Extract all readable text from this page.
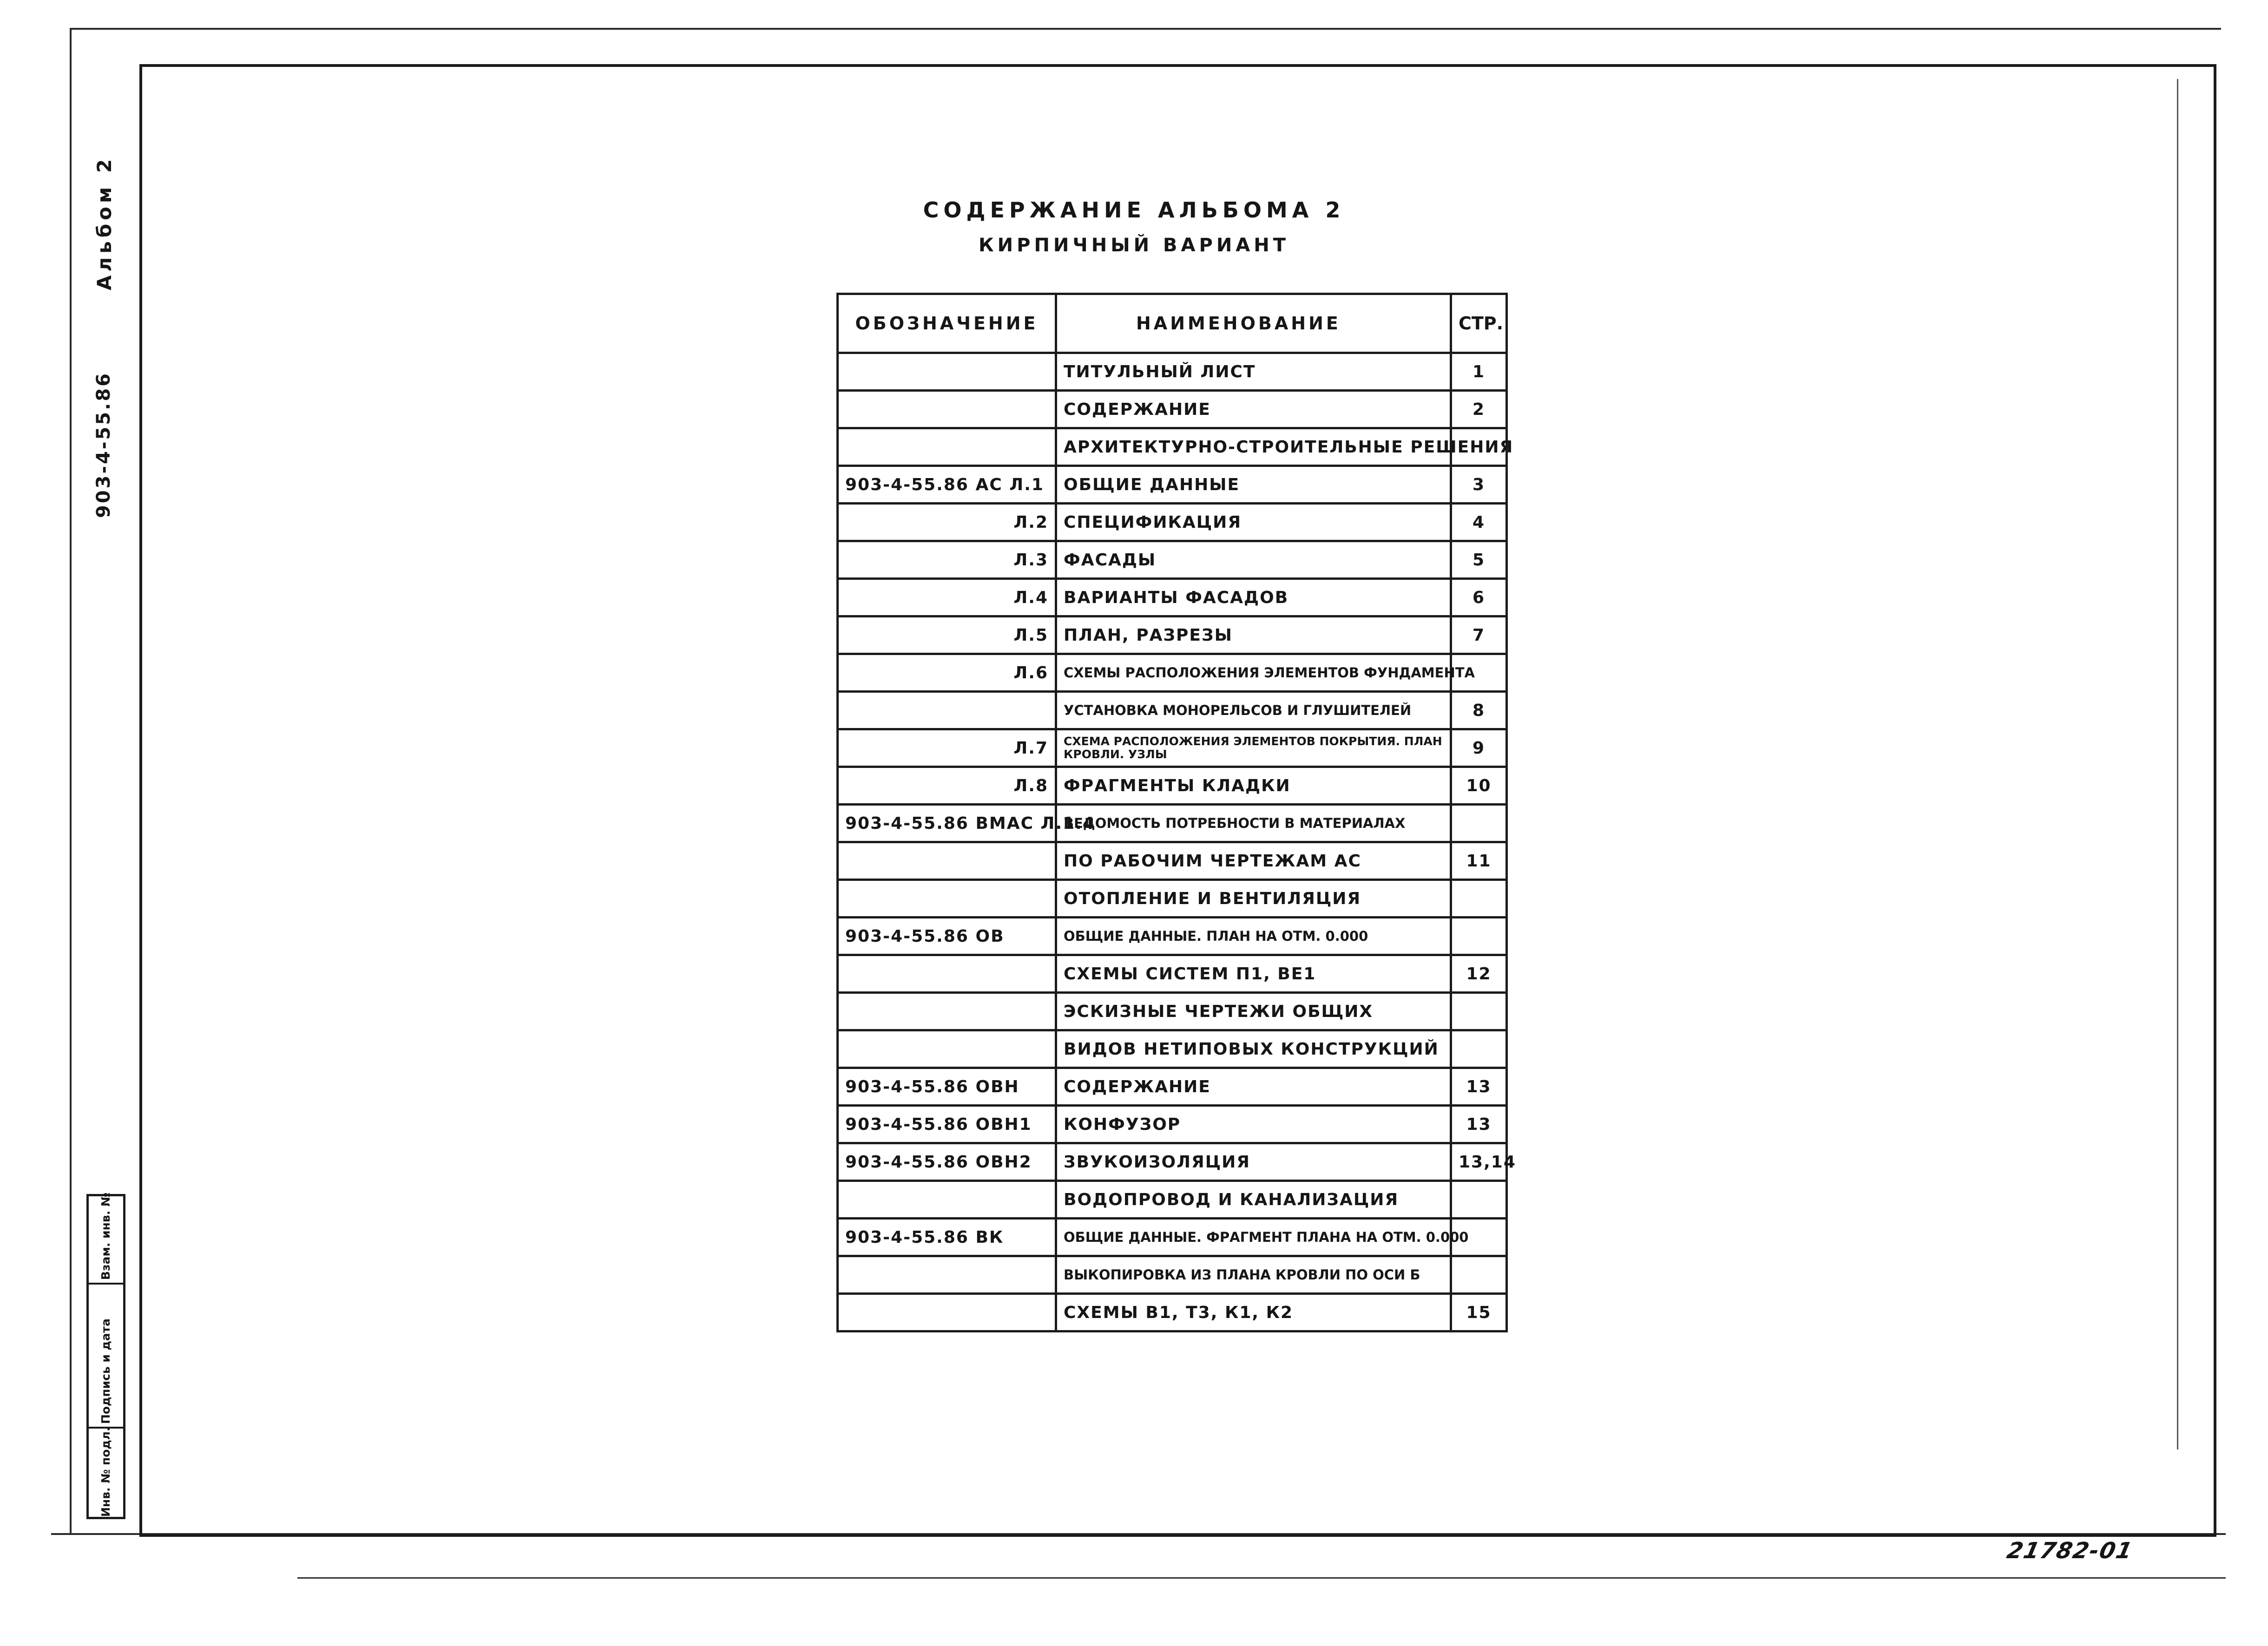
Альбом 2
903-4-55.86
Взам. инв. №
Подпись и дата
Инв. № подл.
СОДЕРЖАНИЕ АЛЬБОМА 2
КИРПИЧНЫЙ ВАРИАНТ
ОБОЗНАЧЕНИЕ	НАИМЕНОВАНИЕ	СТР.
	ТИТУЛЬНЫЙ ЛИСТ	1
	СОДЕРЖАНИЕ	2
	АРХИТЕКТУРНО-СТРОИТЕЛЬНЫЕ РЕШЕНИЯ	
903-4-55.86 АС Л.1	ОБЩИЕ ДАННЫЕ	3
Л.2	СПЕЦИФИКАЦИЯ	4
Л.3	ФАСАДЫ	5
Л.4	ВАРИАНТЫ ФАСАДОВ	6
Л.5	ПЛАН, РАЗРЕЗЫ	7
Л.6	СХЕМЫ РАСПОЛОЖЕНИЯ ЭЛЕМЕНТОВ ФУНДАМЕНТА	
	УСТАНОВКА МОНОРЕЛЬСОВ И ГЛУШИТЕЛЕЙ	8
Л.7	СХЕМА РАСПОЛОЖЕНИЯ ЭЛЕМЕНТОВ ПОКРЫТИЯ. ПЛАН КРОВЛИ. УЗЛЫ	9
Л.8	ФРАГМЕНТЫ КЛАДКИ	10
903-4-55.86 ВМАС Л.1.4	ВЕДОМОСТЬ ПОТРЕБНОСТИ В МАТЕРИАЛАХ	
	ПО РАБОЧИМ ЧЕРТЕЖАМ АС	11
	ОТОПЛЕНИЕ И ВЕНТИЛЯЦИЯ	
903-4-55.86 ОВ	ОБЩИЕ ДАННЫЕ. ПЛАН НА ОТМ. 0.000	
	СХЕМЫ СИСТЕМ П1, ВЕ1	12
	ЭСКИЗНЫЕ ЧЕРТЕЖИ ОБЩИХ	
	ВИДОВ НЕТИПОВЫХ КОНСТРУКЦИЙ	
903-4-55.86 ОВН	СОДЕРЖАНИЕ	13
903-4-55.86 ОВН1	КОНФУЗОР	13
903-4-55.86 ОВН2	ЗВУКОИЗОЛЯЦИЯ	13,14
	ВОДОПРОВОД И КАНАЛИЗАЦИЯ	
903-4-55.86 ВК	ОБЩИЕ ДАННЫЕ. ФРАГМЕНТ ПЛАНА НА ОТМ. 0.000	
	ВЫКОПИРОВКА ИЗ ПЛАНА КРОВЛИ ПО ОСИ Б	
	СХЕМЫ В1, Т3, К1, К2	15
21782-01
